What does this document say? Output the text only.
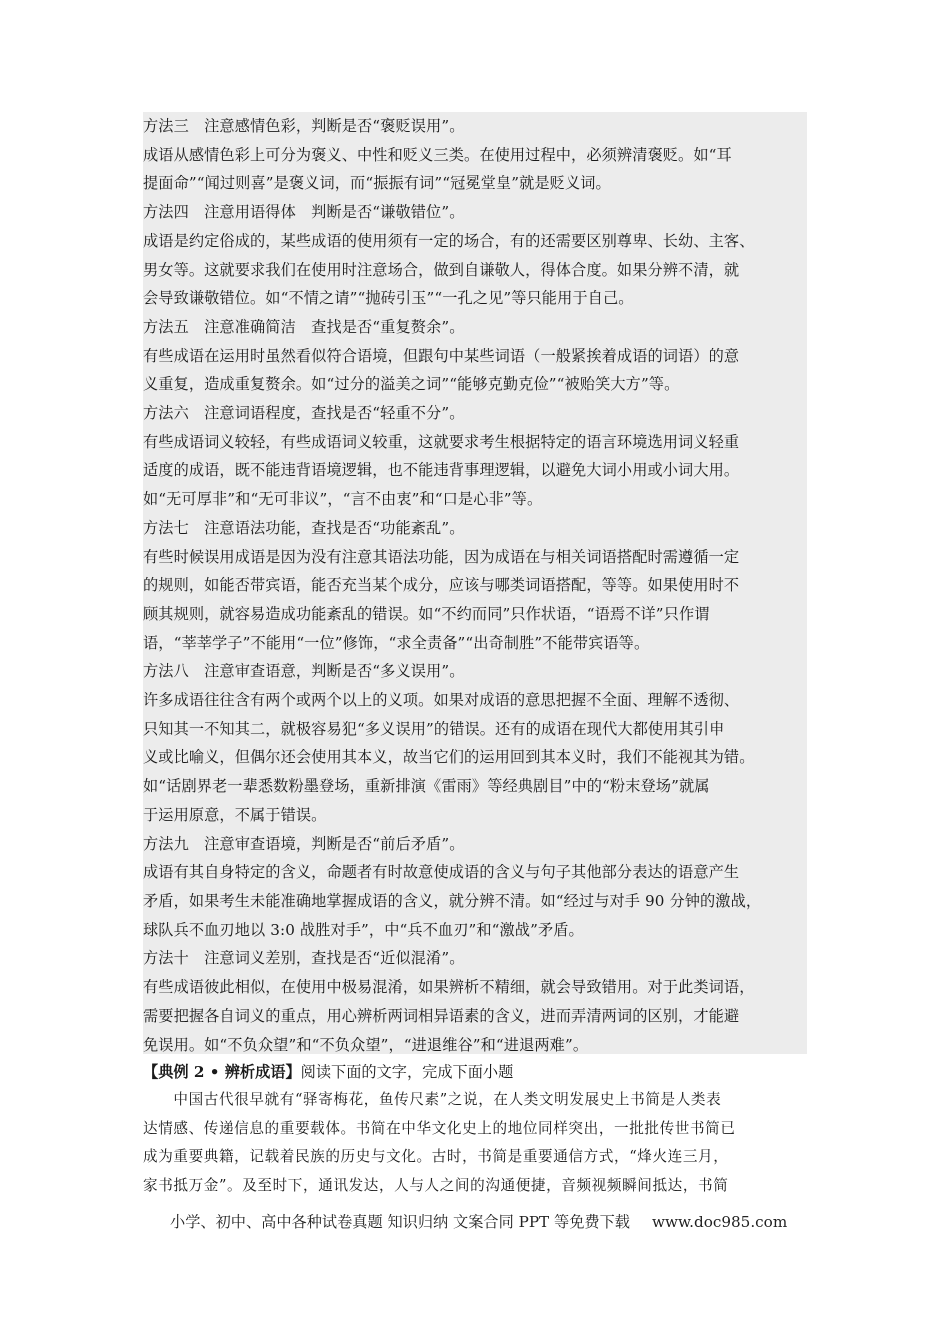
方法三　注意感情色彩，判断是否“褒贬误用”。

成语从感情色彩上可分为褒义、中性和贬义三类。在使用过程中，必须辨清褒贬。如“耳

提面命”“闻过则喜”是褒义词，而“振振有词”“冠冕堂皇”就是贬义词。

方法四　注意用语得体　判断是否“谦敬错位”。

成语是约定俗成的，某些成语的使用须有一定的场合，有的还需要区别尊卑、长幼、主客、

男女等。这就要求我们在使用时注意场合，做到自谦敬人，得体合度。如果分辨不清，就

会导致谦敬错位。如“不情之请”“抛砖引玉”“一孔之见”等只能用于自己。

方法五　注意准确简洁　查找是否“重复赘余”。

有些成语在运用时虽然看似符合语境，但跟句中某些词语（一般紧挨着成语的词语）的意

义重复，造成重复赘余。如“过分的溢美之词”“能够克勤克俭”“被贻笑大方”等。

方法六　注意词语程度，查找是否“轻重不分”。

有些成语词义较轻，有些成语词义较重，这就要求考生根据特定的语言环境选用词义轻重

适度的成语，既不能违背语境逻辑，也不能违背事理逻辑，以避免大词小用或小词大用。

如“无可厚非”和“无可非议”，“言不由衷”和“口是心非”等。

方法七　注意语法功能，查找是否“功能紊乱”。

有些时候误用成语是因为没有注意其语法功能，因为成语在与相关词语搭配时需遵循一定

的规则，如能否带宾语，能否充当某个成分，应该与哪类词语搭配，等等。如果使用时不

顾其规则，就容易造成功能紊乱的错误。如“不约而同”只作状语，“语焉不详”只作谓

语，“莘莘学子”不能用“一位”修饰，“求全责备”“出奇制胜”不能带宾语等。

方法八　注意审查语意，判断是否“多义误用”。

许多成语往往含有两个或两个以上的义项。如果对成语的意思把握不全面、理解不透彻、

只知其一不知其二，就极容易犯“多义误用”的错误。还有的成语在现代大都使用其引申

义或比喻义，但偶尔还会使用其本义，故当它们的运用回到其本义时，我们不能视其为错。

如“话剧界老一辈悉数粉墨登场，重新排演《雷雨》等经典剧目”中的“粉末登场”就属

于运用原意，不属于错误。

方法九　注意审查语境，判断是否“前后矛盾”。

成语有其自身特定的含义，命题者有时故意使成语的含义与句子其他部分表达的语意产生

矛盾，如果考生未能准确地掌握成语的含义，就分辨不清。如“经过与对手 90 分钟的激战，

球队兵不血刃地以 3:0 战胜对手”，中“兵不血刃”和“激战”矛盾。

方法十　注意词义差别，查找是否“近似混淆”。

有些成语彼此相似，在使用中极易混淆，如果辨析不精细，就会导致错用。对于此类词语，

需要把握各自词义的重点，用心辨析两词相异语素的含义，进而弄清两词的区别，才能避

免误用。如“不负众望”和“不负众望”，“进退维谷”和“进退两难”。

【典例 2 • 辨析成语】阅读下面的文字，完成下面小题

　　中国古代很早就有“驿寄梅花，鱼传尺素”之说，在人类文明发展史上书简是人类表

达情感、传递信息的重要载体。书简在中华文化史上的地位同样突出，一批批传世书简已

成为重要典籍，记载着民族的历史与文化。古时，书简是重要通信方式，“烽火连三月，

家书抵万金”。及至时下，通讯发达，人与人之间的沟通便捷，音频视频瞬间抵达，书简

小学、初中、高中各种试卷真题 知识归纳 文案合同 PPT 等免费下载 www.doc985.com
